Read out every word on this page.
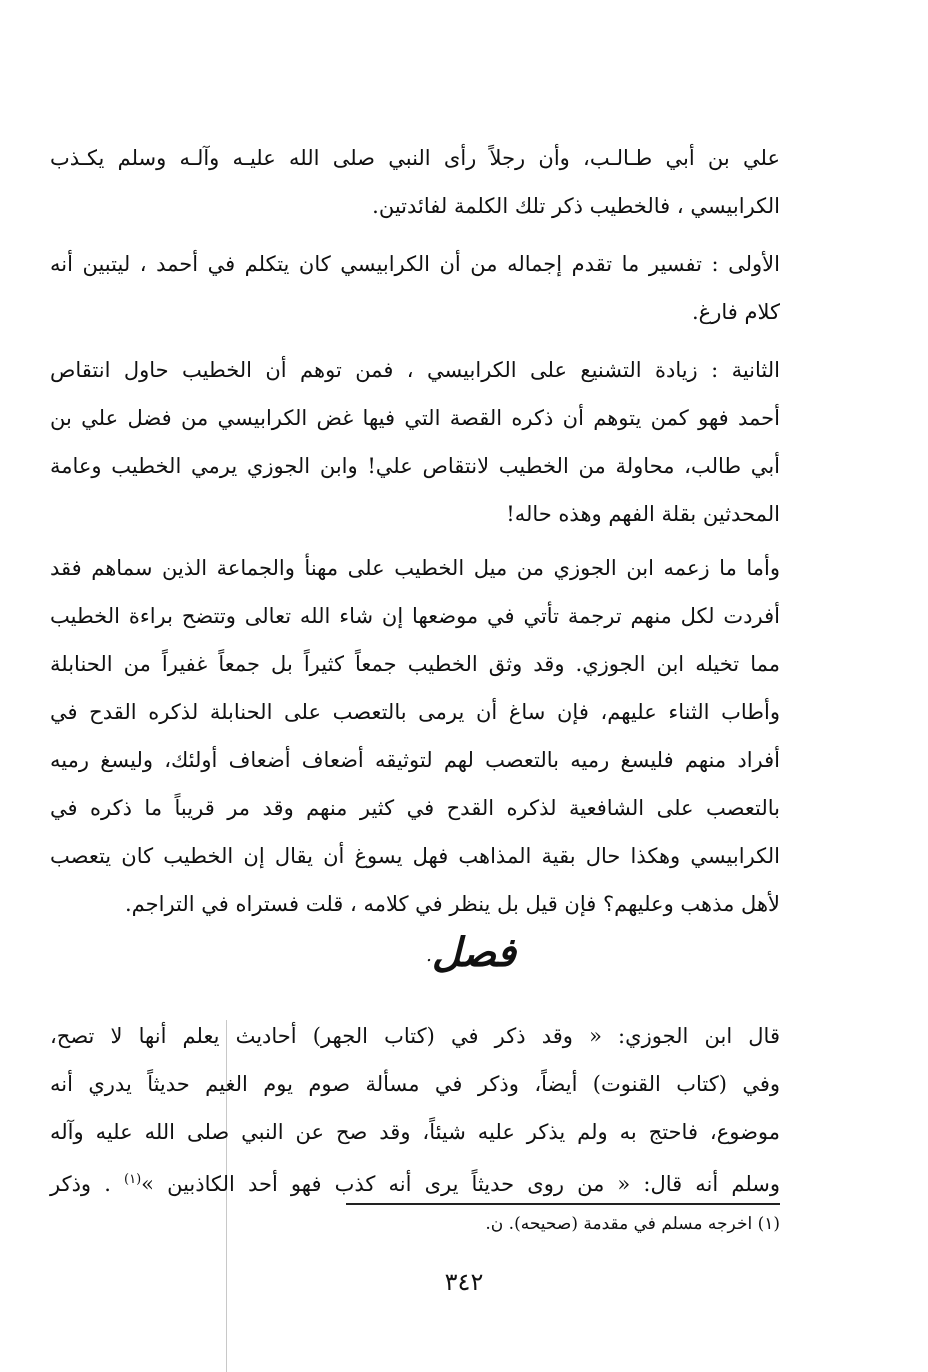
علي بن أبي طـالـب، وأن رجلاً رأى النبي صلى الله عليـه وآلـه وسلم يكـذب
الكرابيسي ، فالخطيب ذكر تلك الكلمة لفائدتين.
الأولى : تفسير ما تقدم إجماله من أن الكرابيسي كان يتكلم في أحمد ، ليتبين أنه
كلام فارغ.
الثانية : زيادة التشنيع على الكرابيسي ، فمن توهم أن الخطيب حاول انتقاص
أحمد فهو كمن يتوهم أن ذكره القصة التي فيها غض الكرابيسي من فضل علي بن
أبي طالب، محاولة من الخطيب لانتقاص علي! وابن الجوزي يرمي الخطيب وعامة
المحدثين بقلة الفهم وهذه حاله!
وأما ما زعمه ابن الجوزي من ميل الخطيب على مهنأ والجماعة الذين سماهم فقد
أفردت لكل منهم ترجمة تأتي في موضعها إن شاء الله تعالى وتتضح براءة الخطيب
مما تخيله ابن الجوزي. وقد وثق الخطيب جمعاً كثيراً بل جمعاً غفيراً من الحنابلة
وأطاب الثناء عليهم، فإن ساغ أن يرمى بالتعصب على الحنابلة لذكره القدح في
أفراد منهم فليسغ رميه بالتعصب لهم لتوثيقه أضعاف أضعاف أولئك، وليسغ رميه
بالتعصب على الشافعية لذكره القدح في كثير منهم وقد مر قريباً ما ذكره في
الكرابيسي وهكذا حال بقية المذاهب فهل يسوغ أن يقال إن الخطيب كان يتعصب
لأهل مذهب وعليهم؟ فإن قيل بل ينظر في كلامه ، قلت فستراه في التراجم.
فصل.
قال ابن الجوزي: « وقد ذكر في (كتاب الجهر) أحاديث يعلم أنها لا تصح،
وفي (كتاب القنوت) أيضاً، وذكر في مسألة صوم يوم الغيم حديثاً يدري أنه
موضوع، فاحتج به ولم يذكر عليه شيئاً، وقد صح عن النبي صلى الله عليه وآله
وسلم أنه قال: « من روى حديثاً يرى أنه كذب فهو أحد الكاذبين »$^{(١)}$ . وذكر
(١) اخرجه مسلم في مقدمة (صحيحه). ن.
٣٤٢
